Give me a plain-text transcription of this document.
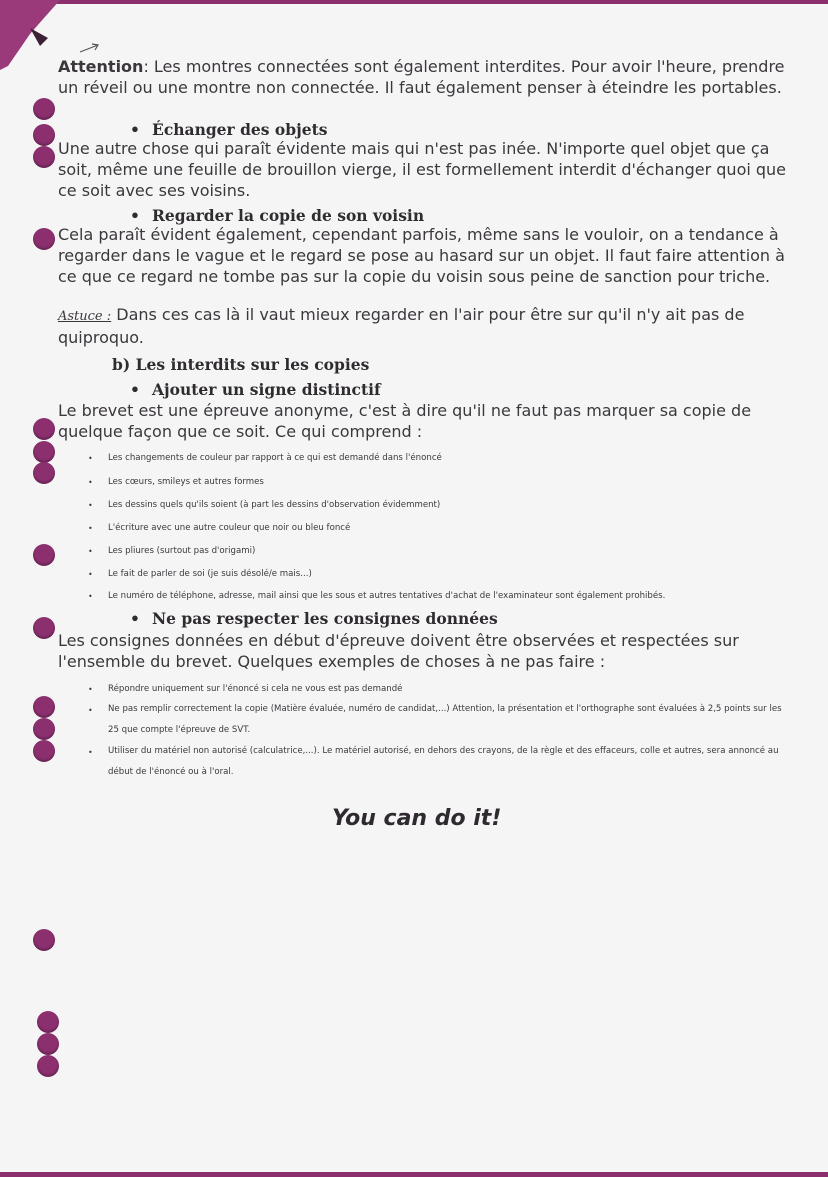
Attention: Les montres connectées sont également interdites. Pour avoir l'heure, prendre un réveil ou une montre non connectée. Il faut également penser à éteindre les portables.

• Échanger des objets

Une autre chose qui paraît évidente mais qui n'est pas inée. N'importe quel objet que ça soit, même une feuille de brouillon vierge, il est formellement interdit d'échanger quoi que ce soit avec ses voisins.

• Regarder la copie de son voisin

Cela paraît évident également, cependant parfois, même sans le vouloir, on a tendance à regarder dans le vague et le regard se pose au hasard sur un objet. Il faut faire attention à ce que ce regard ne tombe pas sur la copie du voisin sous peine de sanction pour triche.

Astuce : Dans ces cas là il vaut mieux regarder en l'air pour être sur qu'il n'y ait pas de quiproquo.

b) Les interdits sur les copies
• Ajouter un signe distinctif

Le brevet est une épreuve anonyme, c'est à dire qu'il ne faut pas marquer sa copie de quelque façon que ce soit. Ce qui comprend :

• Les changements de couleur par rapport à ce qui est demandé dans l'énoncé
• Les cœurs, smileys et autres formes
• Les dessins quels qu'ils soient (à part les dessins d'observation évidemment)
• L'écriture avec une autre couleur que noir ou bleu foncé
• Les pliures (surtout pas d'origami)
• Le fait de parler de soi (je suis désolé/e mais...)
• Le numéro de téléphone, adresse, mail ainsi que les sous et autres tentatives d'achat de l'examinateur sont également prohibés.
• Ne pas respecter les consignes données

Les consignes données en début d'épreuve doivent être observées et respectées sur l'ensemble du brevet. Quelques exemples de choses à ne pas faire :

• Répondre uniquement sur l'énoncé si cela ne vous est pas demandé
• Ne pas remplir correctement la copie (Matière évaluée, numéro de candidat,...) Attention, la présentation et l'orthographe sont évaluées à 2,5 points sur les 25 que compte l'épreuve de SVT.
• Utiliser du matériel non autorisé (calculatrice,...). Le matériel autorisé, en dehors des crayons, de la règle et des effaceurs, colle et autres, sera annoncé au début de l'énoncé ou à l'oral.
You can do it!
